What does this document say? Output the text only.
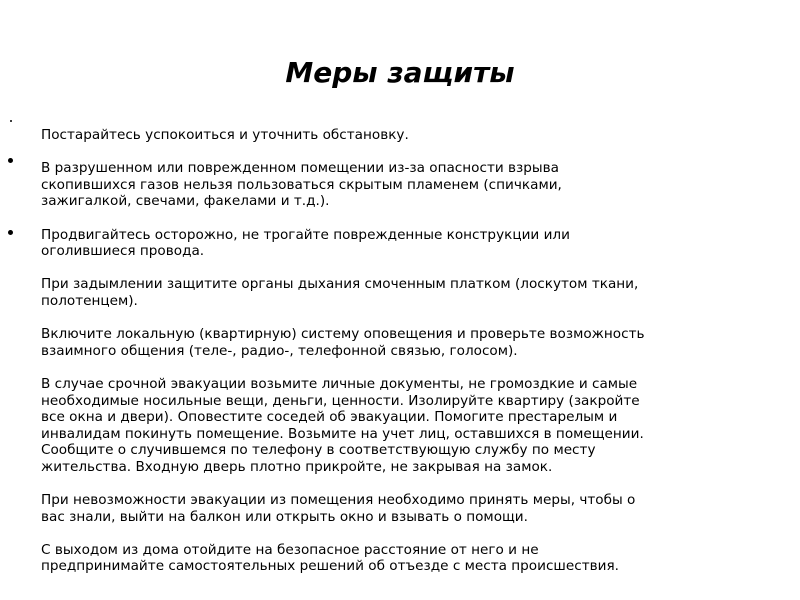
Меры защиты

Постарайтесь успокоиться и уточнить обстановку.

В разрушенном или поврежденном помещении из-за опасности взрыва
скопившихся газов нельзя пользоваться скрытым пламенем (спичками,
зажигалкой, свечами, факелами и т.д.).

Продвигайтесь осторожно, не трогайте поврежденные конструкции или
оголившиеся провода.

При задымлении защитите органы дыхания смоченным платком (лоскутом ткани,
полотенцем).

Включите локальную (квартирную) систему оповещения и проверьте возможность
взаимного общения (теле-, радио-, телефонной связью, голосом).

В случае срочной эвакуации возьмите личные документы, не громоздкие и самые
необходимые носильные вещи, деньги, ценности. Изолируйте квартиру (закройте
все окна и двери). Оповестите соседей об эвакуации. Помогите престарелым и
инвалидам покинуть помещение. Возьмите на учет лиц, оставшихся в помещении.
Сообщите о случившемся по телефону в соответствующую службу по месту
жительства. Входную дверь плотно прикройте, не закрывая на замок.

При невозможности эвакуации из помещения необходимо принять меры, чтобы о
вас знали, выйти на балкон или открыть окно и взывать о помощи.

С выходом из дома отойдите на безопасное расстояние от него и не
предпринимайте самостоятельных решений об отъезде с места происшествия.
